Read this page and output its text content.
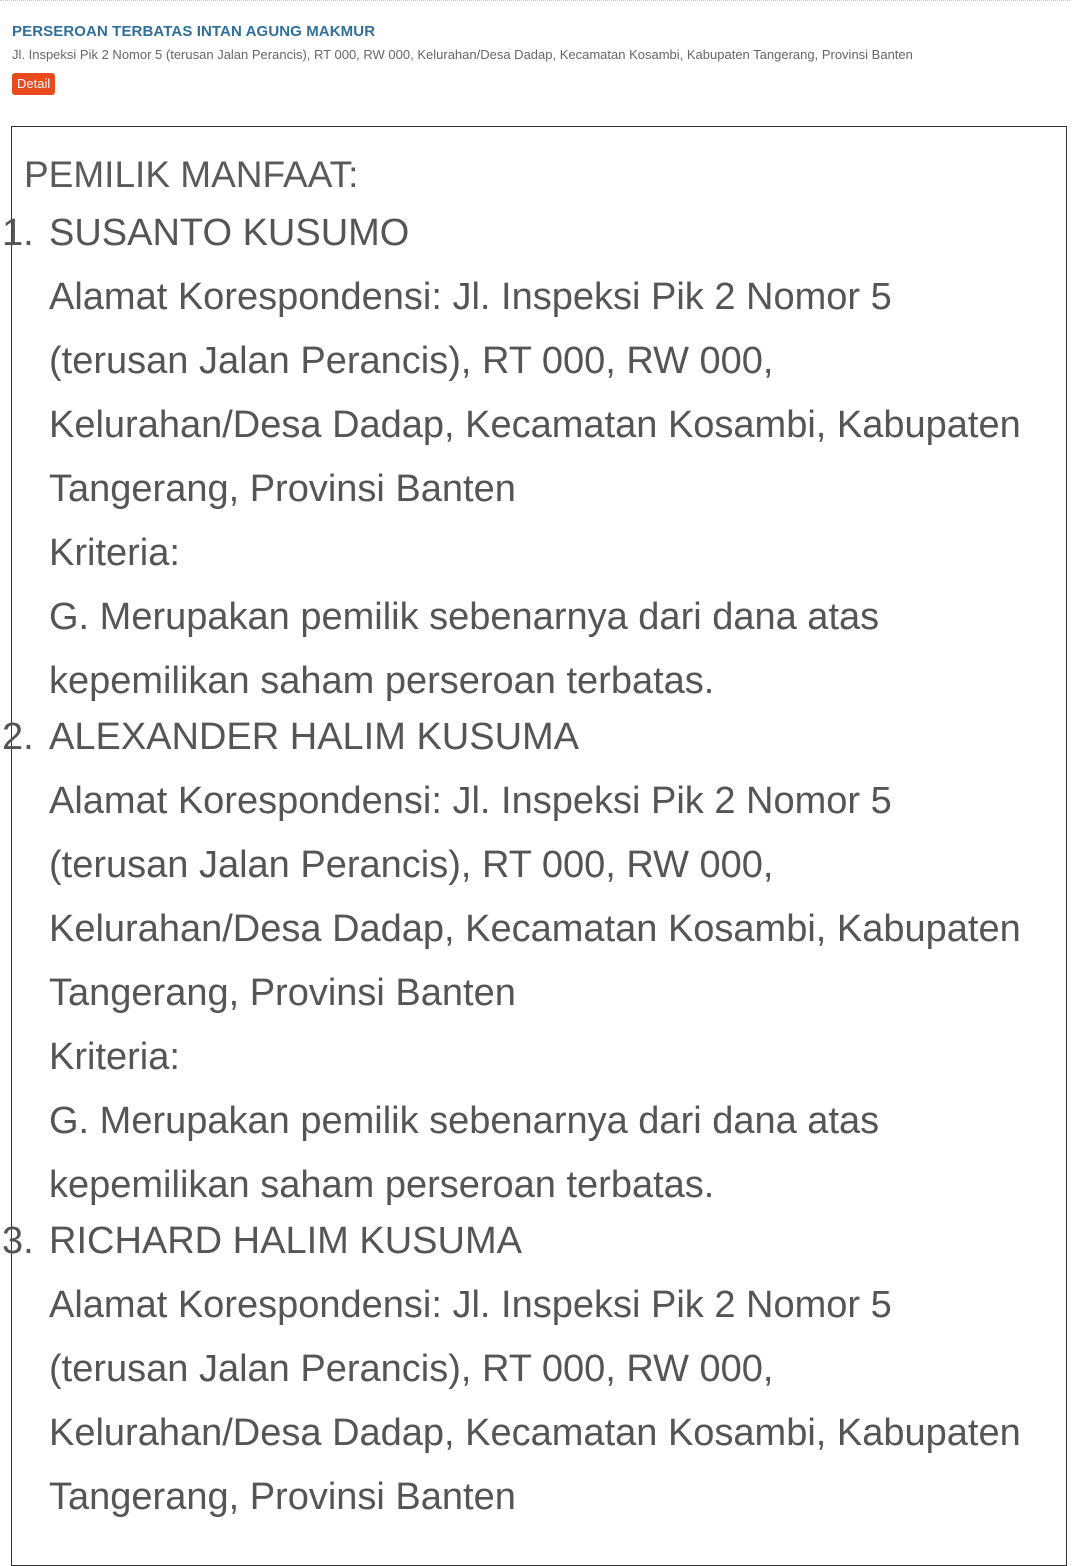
PERSEROAN TERBATAS INTAN AGUNG MAKMUR

Jl. Inspeksi Pik 2 Nomor 5 (terusan Jalan Perancis), RT 000, RW 000, Kelurahan/Desa Dadap, Kecamatan Kosambi, Kabupaten Tangerang, Provinsi Banten

Detail
PEMILIK MANFAAT:
1. SUSANTO KUSUMO

Alamat Korespondensi: Jl. Inspeksi Pik 2 Nomor 5

(terusan Jalan Perancis), RT 000, RW 000,

Kelurahan/Desa Dadap, Kecamatan Kosambi, Kabupaten

Tangerang, Provinsi Banten

Kriteria:

G. Merupakan pemilik sebenarnya dari dana atas

kepemilikan saham perseroan terbatas.

2. ALEXANDER HALIM KUSUMA

Alamat Korespondensi: Jl. Inspeksi Pik 2 Nomor 5

(terusan Jalan Perancis), RT 000, RW 000,

Kelurahan/Desa Dadap, Kecamatan Kosambi, Kabupaten

Tangerang, Provinsi Banten

Kriteria:

G. Merupakan pemilik sebenarnya dari dana atas

kepemilikan saham perseroan terbatas.

3. RICHARD HALIM KUSUMA

Alamat Korespondensi: Jl. Inspeksi Pik 2 Nomor 5

(terusan Jalan Perancis), RT 000, RW 000,

Kelurahan/Desa Dadap, Kecamatan Kosambi, Kabupaten

Tangerang, Provinsi Banten
